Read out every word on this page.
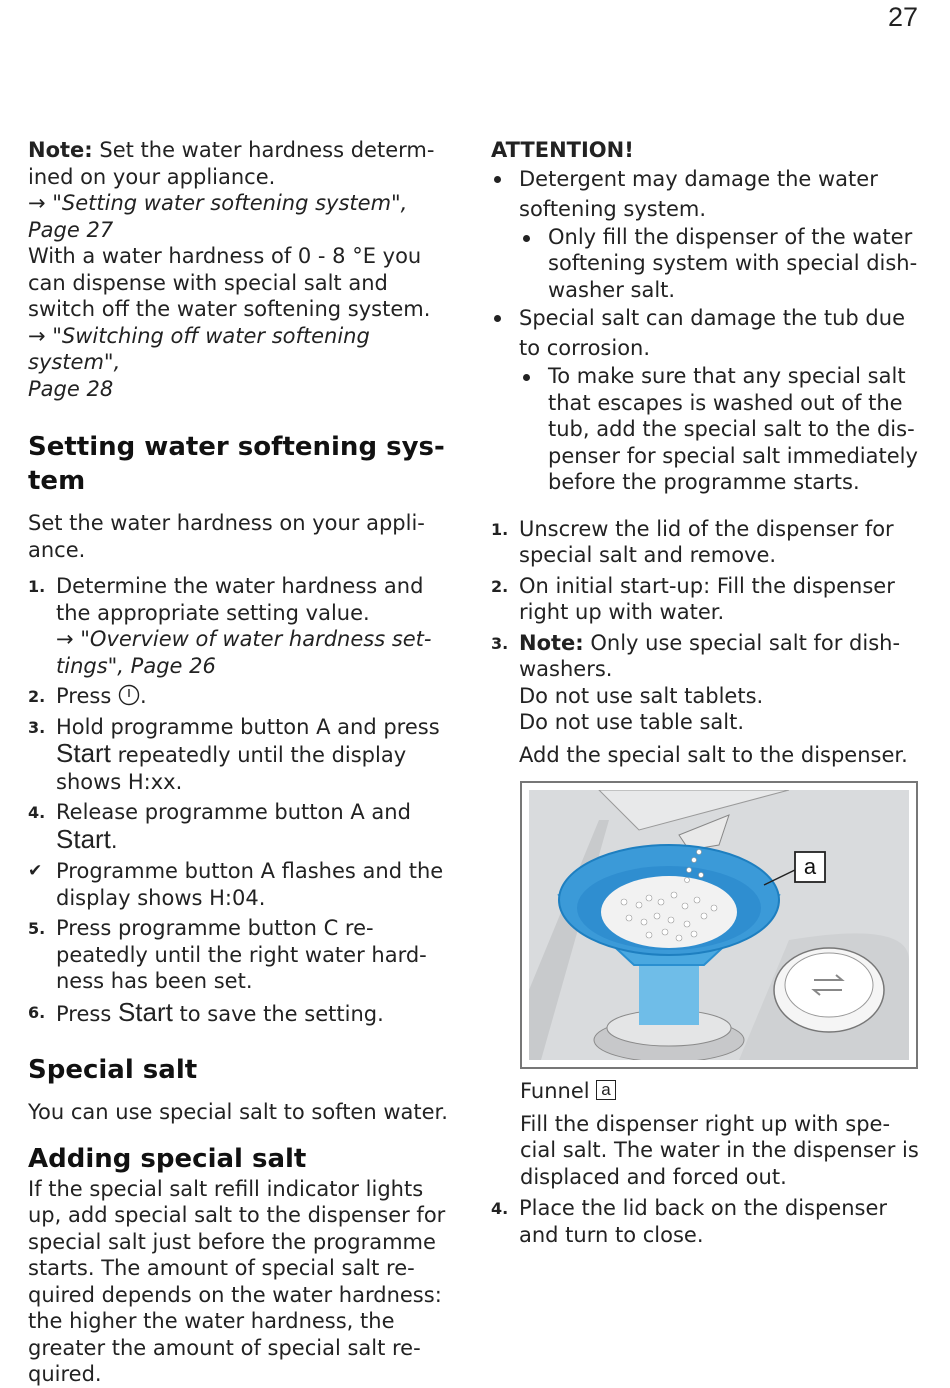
27

Note: Set the water hardness determ-

ined on your appliance.

→ "Setting water softening system",

Page 27

With a water hardness of 0 - 8 °E you

can dispense with special salt and

switch off the water softening system.

→ "Switching off water softening system",

Page 28

Setting water softening sys-
tem

Set the water hardness on your appli-

ance.

1. Determine the water hardness and
the appropriate setting value.
→ "Overview of water hardness set-
tings", Page 26
2. Press .
3. Hold programme button A and press
Start repeatedly until the display
shows H:xx.
4. Release programme button A and
Start.
✔ Programme button A flashes and the
display shows H:04.
5. Press programme button C re-
peatedly until the right water hard-
ness has been set.
6. Press Start to save the setting.
Special salt

You can use special salt to soften water.

Adding special salt

If the special salt refill indicator lights

up, add special salt to the dispenser for

special salt just before the programme

starts. The amount of special salt re-

quired depends on the water hardness:

the higher the water hardness, the

greater the amount of special salt re-

quired.

ATTENTION!

Detergent may damage the water
softening system.
Only fill the dispenser of the water
softening system with special dish-
washer salt.
Special salt can damage the tub due
to corrosion.
To make sure that any special salt
that escapes is washed out of the
tub, add the special salt to the dis-
penser for special salt immediately
before the programme starts.
1. Unscrew the lid of the dispenser for
special salt and remove.
2. On initial start-up: Fill the dispenser
right up with water.
3. Note: Only use special salt for dish-
washers.
Do not use salt tablets.
Do not use table salt.
Add the special salt to the dispenser.
a
Funnel a

Fill the dispenser right up with spe-

cial salt. The water in the dispenser is

displaced and forced out.

4. Place the lid back on the dispenser
and turn to close.
